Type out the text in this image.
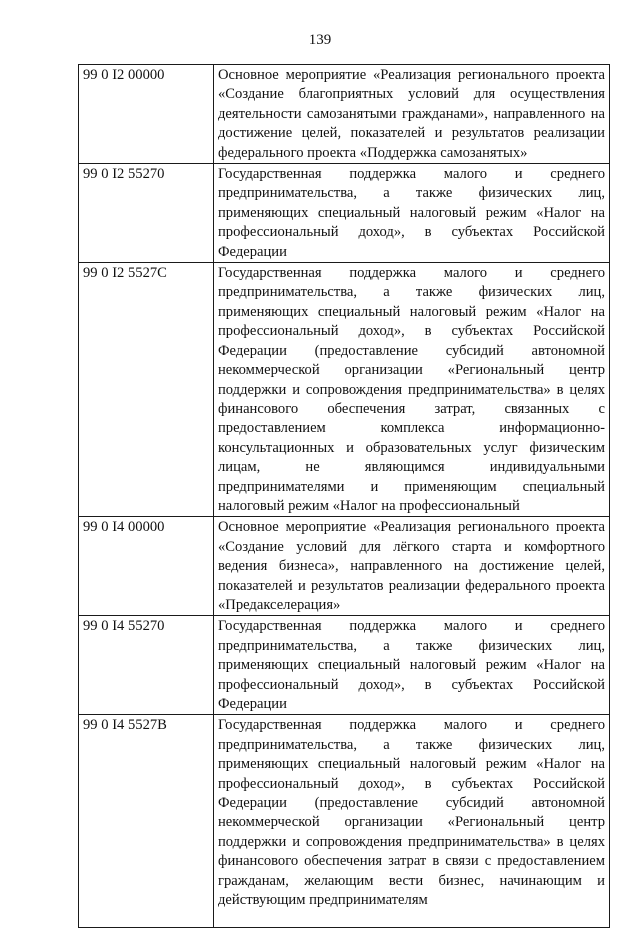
139
99 0 I2 00000	Основное мероприятие «Реализация регионального проекта «Создание благоприятных условий для осуществления деятельности самозанятыми гражданами», направленного на достижение целей, показателей и результатов реализации федерального проекта «Поддержка самозанятых»
99 0 I2 55270	Государственная поддержка малого и среднего предпринимательства, а также физических лиц, применяющих специальный налоговый режим «Налог на профессиональный доход», в субъектах Российской Федерации
99 0 I2 5527С	Государственная поддержка малого и среднего предпринимательства, а также физических лиц, применяющих специальный налоговый режим «Налог на профессиональный доход», в субъектах Российской Федерации (предоставление субсидий автономной некоммерческой организации «Региональный центр поддержки и сопровождения предпринимательства» в целях финансового обеспечения затрат, связанных с предоставлением комплекса информационно-консультационных и образовательных услуг физическим лицам, не являющимся индивидуальными предпринимателями и применяющим специальный налоговый режим «Налог на профессиональный
99 0 I4 00000	Основное мероприятие «Реализация регионального проекта «Создание условий для лёгкого старта и комфортного ведения бизнеса», направленного на достижение целей, показателей и результатов реализации федерального проекта «Предакселерация»
99 0 I4 55270	Государственная поддержка малого и среднего предпринимательства, а также физических лиц, применяющих специальный налоговый режим «Налог на профессиональный доход», в субъектах Российской Федерации
99 0 I4 5527В	Государственная поддержка малого и среднего предпринимательства, а также физических лиц, применяющих специальный налоговый режим «Налог на профессиональный доход», в субъектах Российской Федерации (предоставление субсидий автономной некоммерческой организации «Региональный центр поддержки и сопровождения предпринимательства» в целях финансового обеспечения затрат в связи с предоставлением гражданам, желающим вести бизнес, начинающим и действующим предпринимателям
